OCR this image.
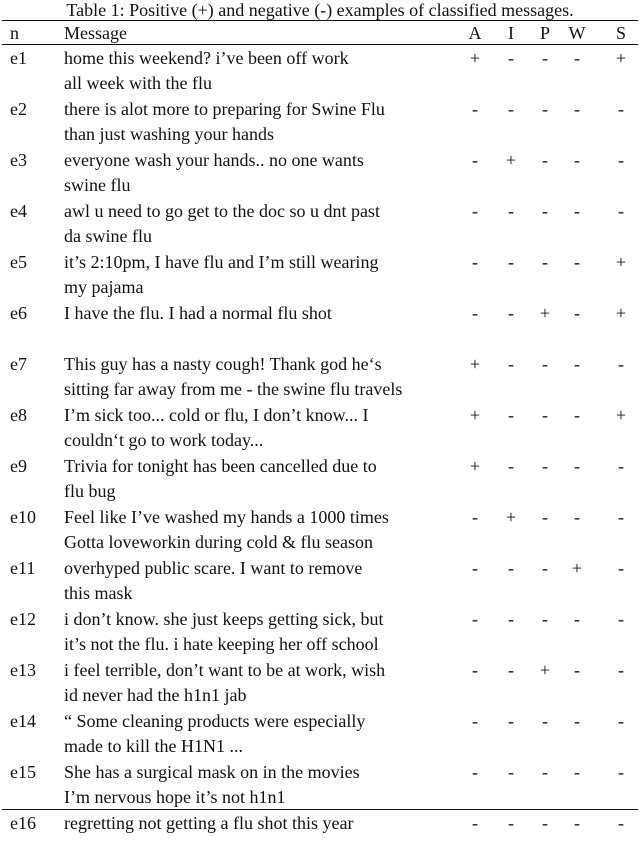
Table 1: Positive (+) and negative (-) examples of classified messages.
n	Message	A	I	P W S
e1 home this weekend? i’ve been off work
all week with the flu
+	-	-	-	+
e2 there is alot more to preparing for Swine Flu
than just washing your hands
-	-	-	-	-
e3 everyone wash your hands.. no one wants
swine flu
-	+	-	-	-
e4 awl u need to go get to the doc so u dnt past
da swine flu
-	-	-	-	-
e5 it’s 2:10pm, I have flu and I’m still wearing
my pajama
-	-	-	-	+
e6 I have the flu. I had a normal flu shot	-	-	+	-	+
e7 This guy has a nasty cough! Thank god he‘s
sitting far away from me - the swine flu travels
+	-	-	-	-
e8 I’m sick too... cold or flu, I don’t know... I
couldn‘t go to work today...
+	-	-	-	+
e9 Trivia for tonight has been cancelled due to
flu bug
+	-	-	-	-
e10 Feel like I’ve washed my hands a 1000 times
Gotta loveworkin during cold & flu season
-	+	-	-	-
e11 overhyped public scare. I want to remove
this mask
-	-	-	+	-
e12 i don’t know. she just keeps getting sick, but
it’s not the flu. i hate keeping her off school
-	-	-	-	-
e13 i feel terrible, don’t want to be at work, wish
id never had the h1n1 jab
-	-	+	-	-
e14 “ Some cleaning products were especially
made to kill the H1N1 ...
-	-	-	-	-
e15 She has a surgical mask on in the movies
I’m nervous hope it’s not h1n1
-	-	-	-	-
e16 regretting not getting a flu shot this year	-	-	-	-	-
